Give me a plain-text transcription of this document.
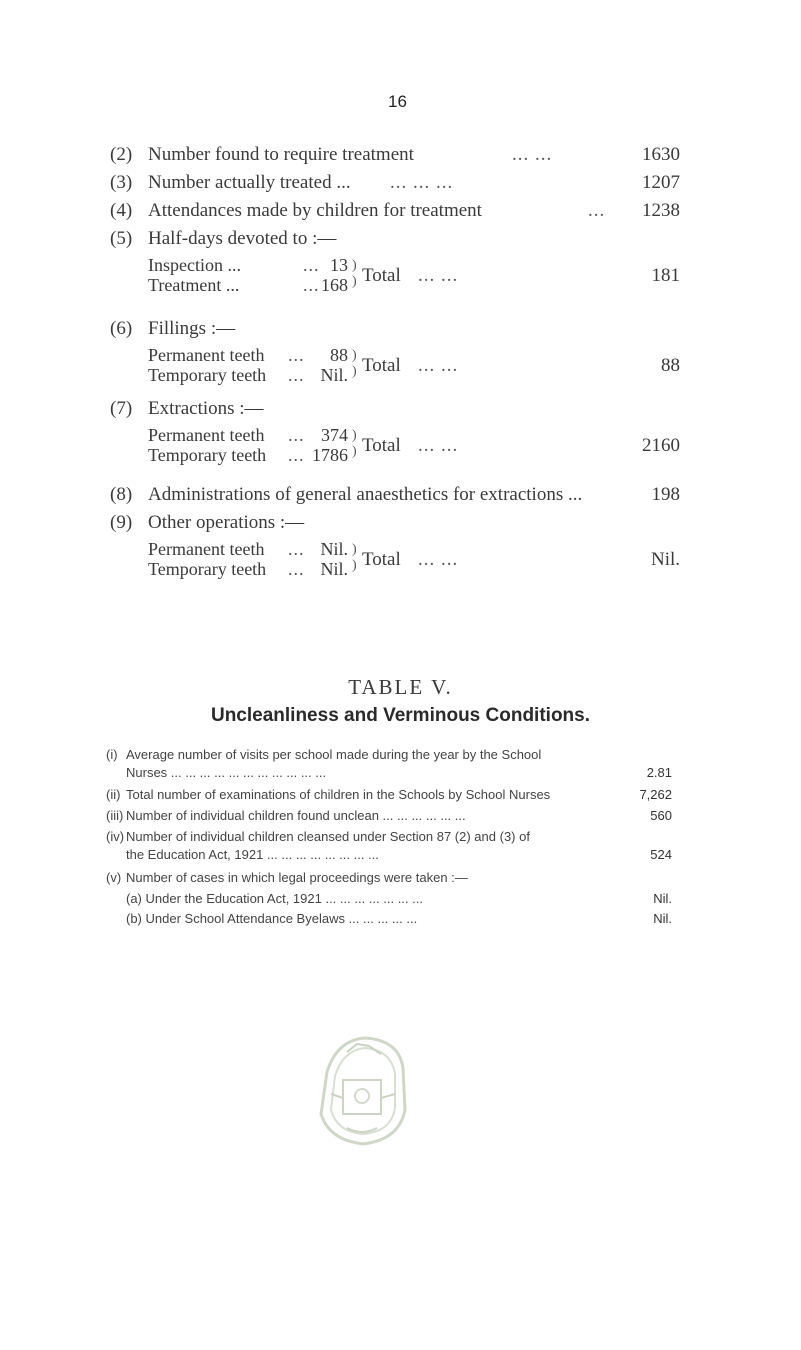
16
(2) Number found to require treatment	... ...	1630
(3) Number actually treated ... ... ... ...	1207
(4) Attendances made by children for treatment	...	1238
(5) Half-days devoted to :—
Inspection ...	... 13
Treatment ...	... 168
)
) Total ... ...	181
(6) Fillings :—
Permanent teeth ...	88
Temporary teeth ... Nil.
)
) Total ... ...	88
(7) Extractions :—
Permanent teeth ... 374
Temporary teeth ... 1786
)
) Total ... ...	2160
(8) Administrations of general anaesthetics for extractions ...	198
(9) Other operations :—
Permanent teeth ... Nil.
Temporary teeth ... Nil.
)
) Total ... ...	Nil.
TABLE V.
Uncleanliness and Verminous Conditions.
(i) Average number of visits per school made during the year by the School
Nurses ... ... ... ... ... ... ... ... ... ... ...	2.81
(ii) Total number of examinations of children in the Schools by School Nurses	7,262
(iii) Number of individual children found unclean ... ... ... ... ... ...	560
(iv) Number of individual children cleansed under Section 87 (2) and (3) of
the Education Act, 1921 ... ... ... ... ... ... ... ...	524
(v) Number of cases in which legal proceedings were taken :—
(a) Under the Education Act, 1921 ... ... ... ... ... ... ...	Nil.
(b) Under School Attendance Byelaws ... ... ... ... ...	Nil.
